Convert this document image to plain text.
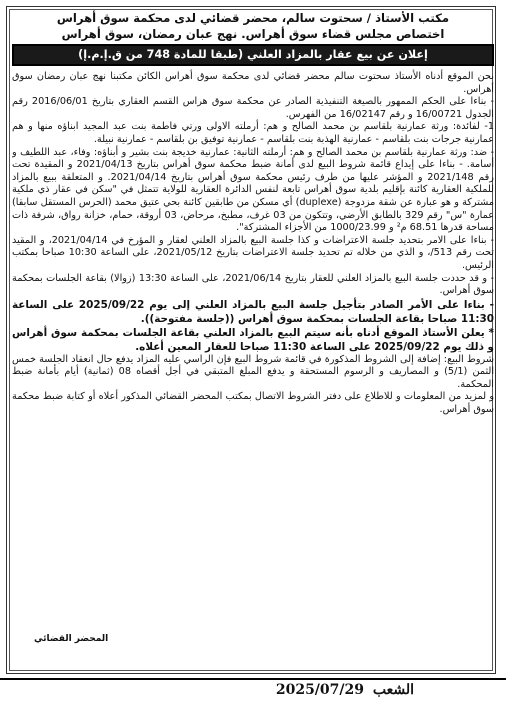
مكتب الأستاذ / سحتوت سالم، محضر قضائي لدى محكمة سوق أهراس
اختصاص مجلس قضاء سوق أهراس. نهج عبان رمضان، سوق أهراس
إعلان عن بيع عقار بالمزاد العلني (طبقا للمادة 748 من ق.إ.م.إ)

نحن الموقع أدناه الأستاذ سحتوت سالم محضر قضائي لدى محكمة سوق أهراس الكائن مكتبنا نهج عبان رمضان سوق أهراس.

- بناءا على الحكم الممهور بالصيغة التنفيذية الصادر عن محكمة سوق هراس القسم العقاري بتاريخ 2016/06/01 رقم الجدول 16/00721 و رقم 16/02147 من الفهرس.

1- لفائدة: ورثة عمارنية بلقاسم بن محمد الصالح و هم: أرملته الاولى ورتي فاطمة بنت عبد المجيد ابناؤه منها و هم عمارنية جرجات بنت بلقاسم - عمارنية الهذبة بنت بلقاسم - عمارنية توفيق بن بلقاسم - عمارنية نبيلة.

- ضد: ورثة عمارنية بلقاسم بن محمد الصالح و هم: أرملته الثانية: عمارنية خديجة بنت بشير و أبناؤه: وفاء، عبد اللطيف و أسامة. - بناءا على إيداع قائمة شروط البيع لدى أمانة ضبط محكمة سوق أهراس بتاريخ 2021/04/13 و المقيدة تحت رقم 2021/148 و المؤشر عليها من طرف رئيس محكمة سوق أهراس بتاريخ 2021/04/14. و المتعلقة ببيع بالمزاد للملكية العقارية كائنة بإقليم بلدية سوق أهراس تابعة لنفس الدائرة العقارية للولاية تتمثل في "سكن في عقار ذي ملكية مشتركة و هو عبارة عن شقة مزدوجة (duplexe) أي مسكن من طابقين كائنة بحي عتيق محمد (الحرس المستقل سابقا) عمارة "س" رقم 329 بالطابق الأرضي، وتتكون من 03 غرف، مطبخ، مرحاض، 03 أروقة، حمام، خزانة رواق، شرفة ذات مساحة قدرها 68.51 م² و 1000/23.99 من الأجزاء المشتركة".

- بناءا على الامر بتحديد جلسة الاعتراضات و كذا جلسة البيع بالمزاد العلني لعقار و المؤرخ في 2021/04/14، و المقيد تحت رقم 513/، و الذي من خلاله تم تحديد جلسة الاعتراضات بتاريخ 2021/05/12، على الساعة 10:30 صباحا بمكتب الرئيس.

- و قد حددت جلسة البيع بالمزاد العلني للعقار بتاريخ 2021/06/14، على الساعة 13:30 (زوالا) بقاعة الجلسات بمحكمة سوق أهراس.

- بناءا على الأمر الصادر بتأجيل جلسة البيع بالمزاد العلني إلى يوم 2025/09/22 على الساعة 11:30 صباحا بقاعة الجلسات بمحكمة سوق أهراس ((جلسة مفتوحة)).

* يعلن الأستاذ الموقع أدناه بأنه سيتم البيع بالمزاد العلني بقاعة الجلسات بمحكمة سوق أهراس و ذلك يوم 2025/09/22 على الساعة 11:30 صباحا للعقار المعين أعلاه.

شروط البيع: إضافة إلى الشروط المذكورة في قائمة شروط البيع فإن الراسي عليه المزاد يدفع حال انعقاد الجلسة خمس الثمن (5/1) و المصاريف و الرسوم المستحقة و يدفع المبلغ المتبقي في أجل أقصاه 08 (ثمانية) أيام بأمانة ضبط المحكمة.

و لمزيد من المعلومات و للاطلاع على دفتر الشروط الاتصال بمكتب المحضر القضائي المذكور أعلاه أو كتابة ضبط محكمة سوق أهراس.

المحضر القضائي
الشعب
2025/07/29
